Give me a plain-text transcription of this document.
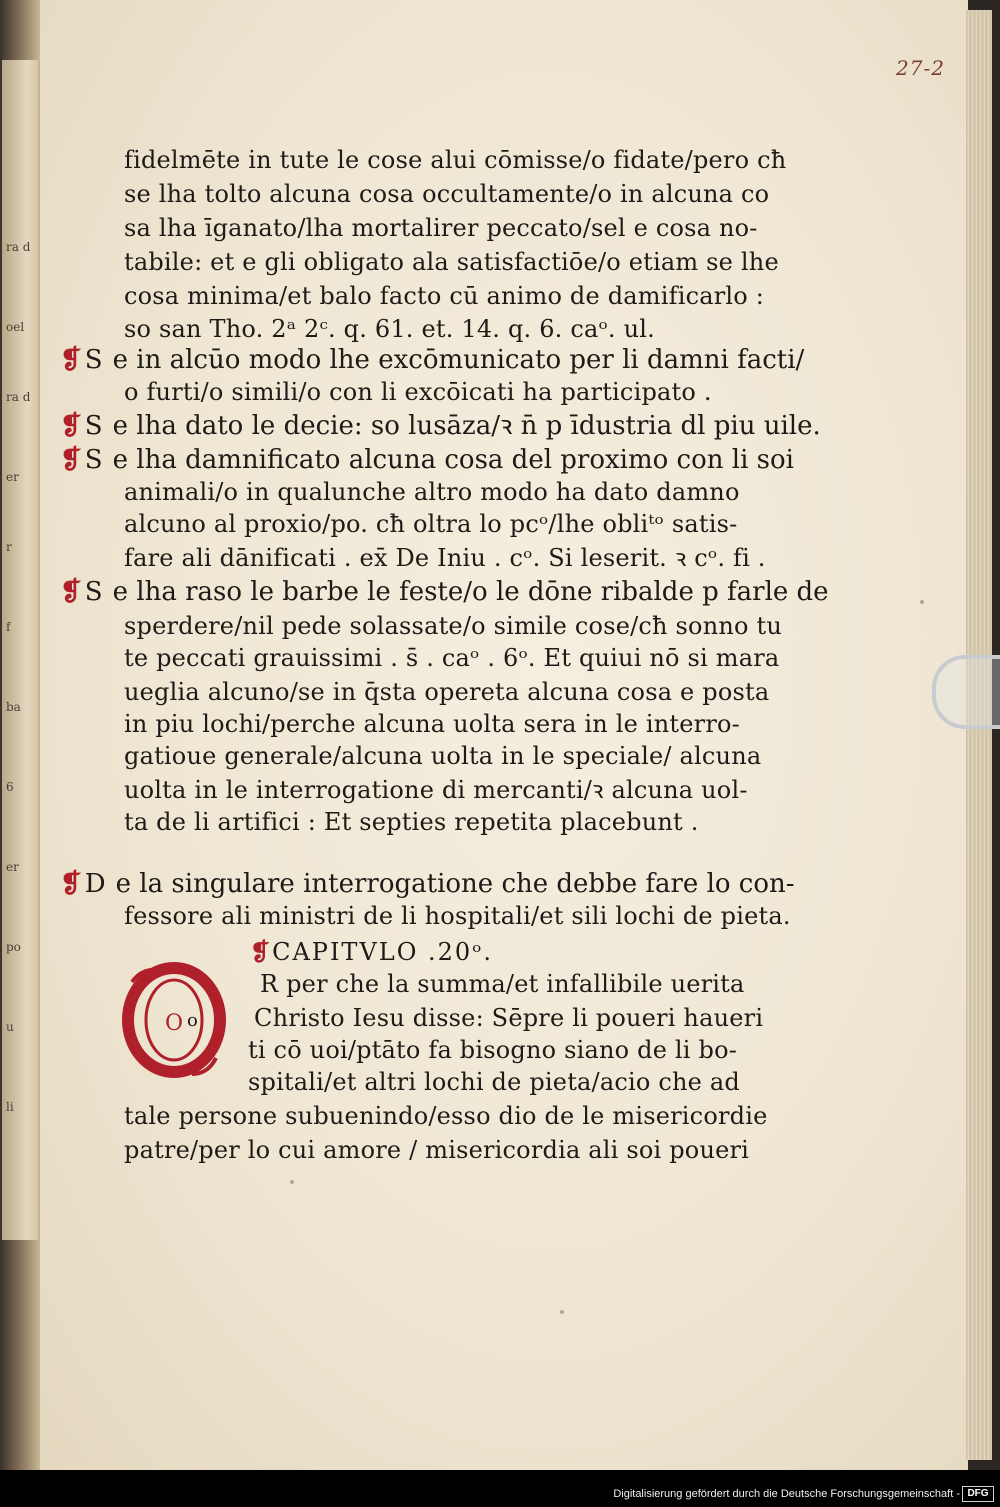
ra d
oel
ra d
er
r
f
ba
6
er
po
u
li
27-2
fidelmēte in tute le cose alui cōmisse/o fidate/pero cħ
se lha tolto alcuna cosa occultamente/o in alcuna co
sa lha īganato/lha mortalirer peccato/sel e cosa no-
tabile: et e gli obligato ala satisfactiōe/o etiam se lhe
cosa minima/et balo facto cū animo de damificarlo :
so san Tho. 2ᵃ 2ᶜ. q. 61. et. 14. q. 6. caᵒ. ul.
❡ S e in alcūo modo lhe excōmunicato per li damni facti/
o furti/o simili/o con li excōicati ha participato .
❡ S e lha dato le decie: so lusāza/ꝛ n̄ p īdustria dl piu uile.
❡ S e lha damnificato alcuna cosa del proximo con li soi
animali/o in qualunche altro modo ha dato damno
alcuno al proxio/po. cħ oltra lo pcᵒ/lhe obliᵗᵒ satis-
fare ali dānificati . ex̄ De Iniu . cᵒ. Si leserit. ꝛ cᵒ. fi .
❡ S e lha raso le barbe le feste/o le dōne ribalde p farle de
sperdere/nil pede solassate/o simile cose/cħ sonno tu
te peccati grauissimi . s̄ . caᵒ . 6ᵒ. Et quiui nō si mara
ueglia alcuno/se in q̄sta opereta alcuna cosa e posta
in piu lochi/perche alcuna uolta sera in le interro-
gatioue generale/alcuna uolta in le speciale/ alcuna
uolta in le interrogatione di mercanti/ꝛ alcuna uol-
ta de li artifici : Et septies repetita placebunt .
❡ D e la singulare interrogatione che debbe fare lo con-
fessore ali ministri de li hospitali/et sili lochi de pieta.
❡CAPITVLO .20ᵒ.
O o
R per che la summa/et infallibile uerita
Christo Iesu disse: Sēpre li poueri haueri
ti cō uoi/ptāto fa bisogno siano de li bo-
spitali/et altri lochi de pieta/acio che ad
tale persone subuenindo/esso dio de le misericordie
patre/per lo cui amore / misericordia ali soi poueri
Digitalisierung gefördert durch die Deutsche Forschungsgemeinschaft - DFG
